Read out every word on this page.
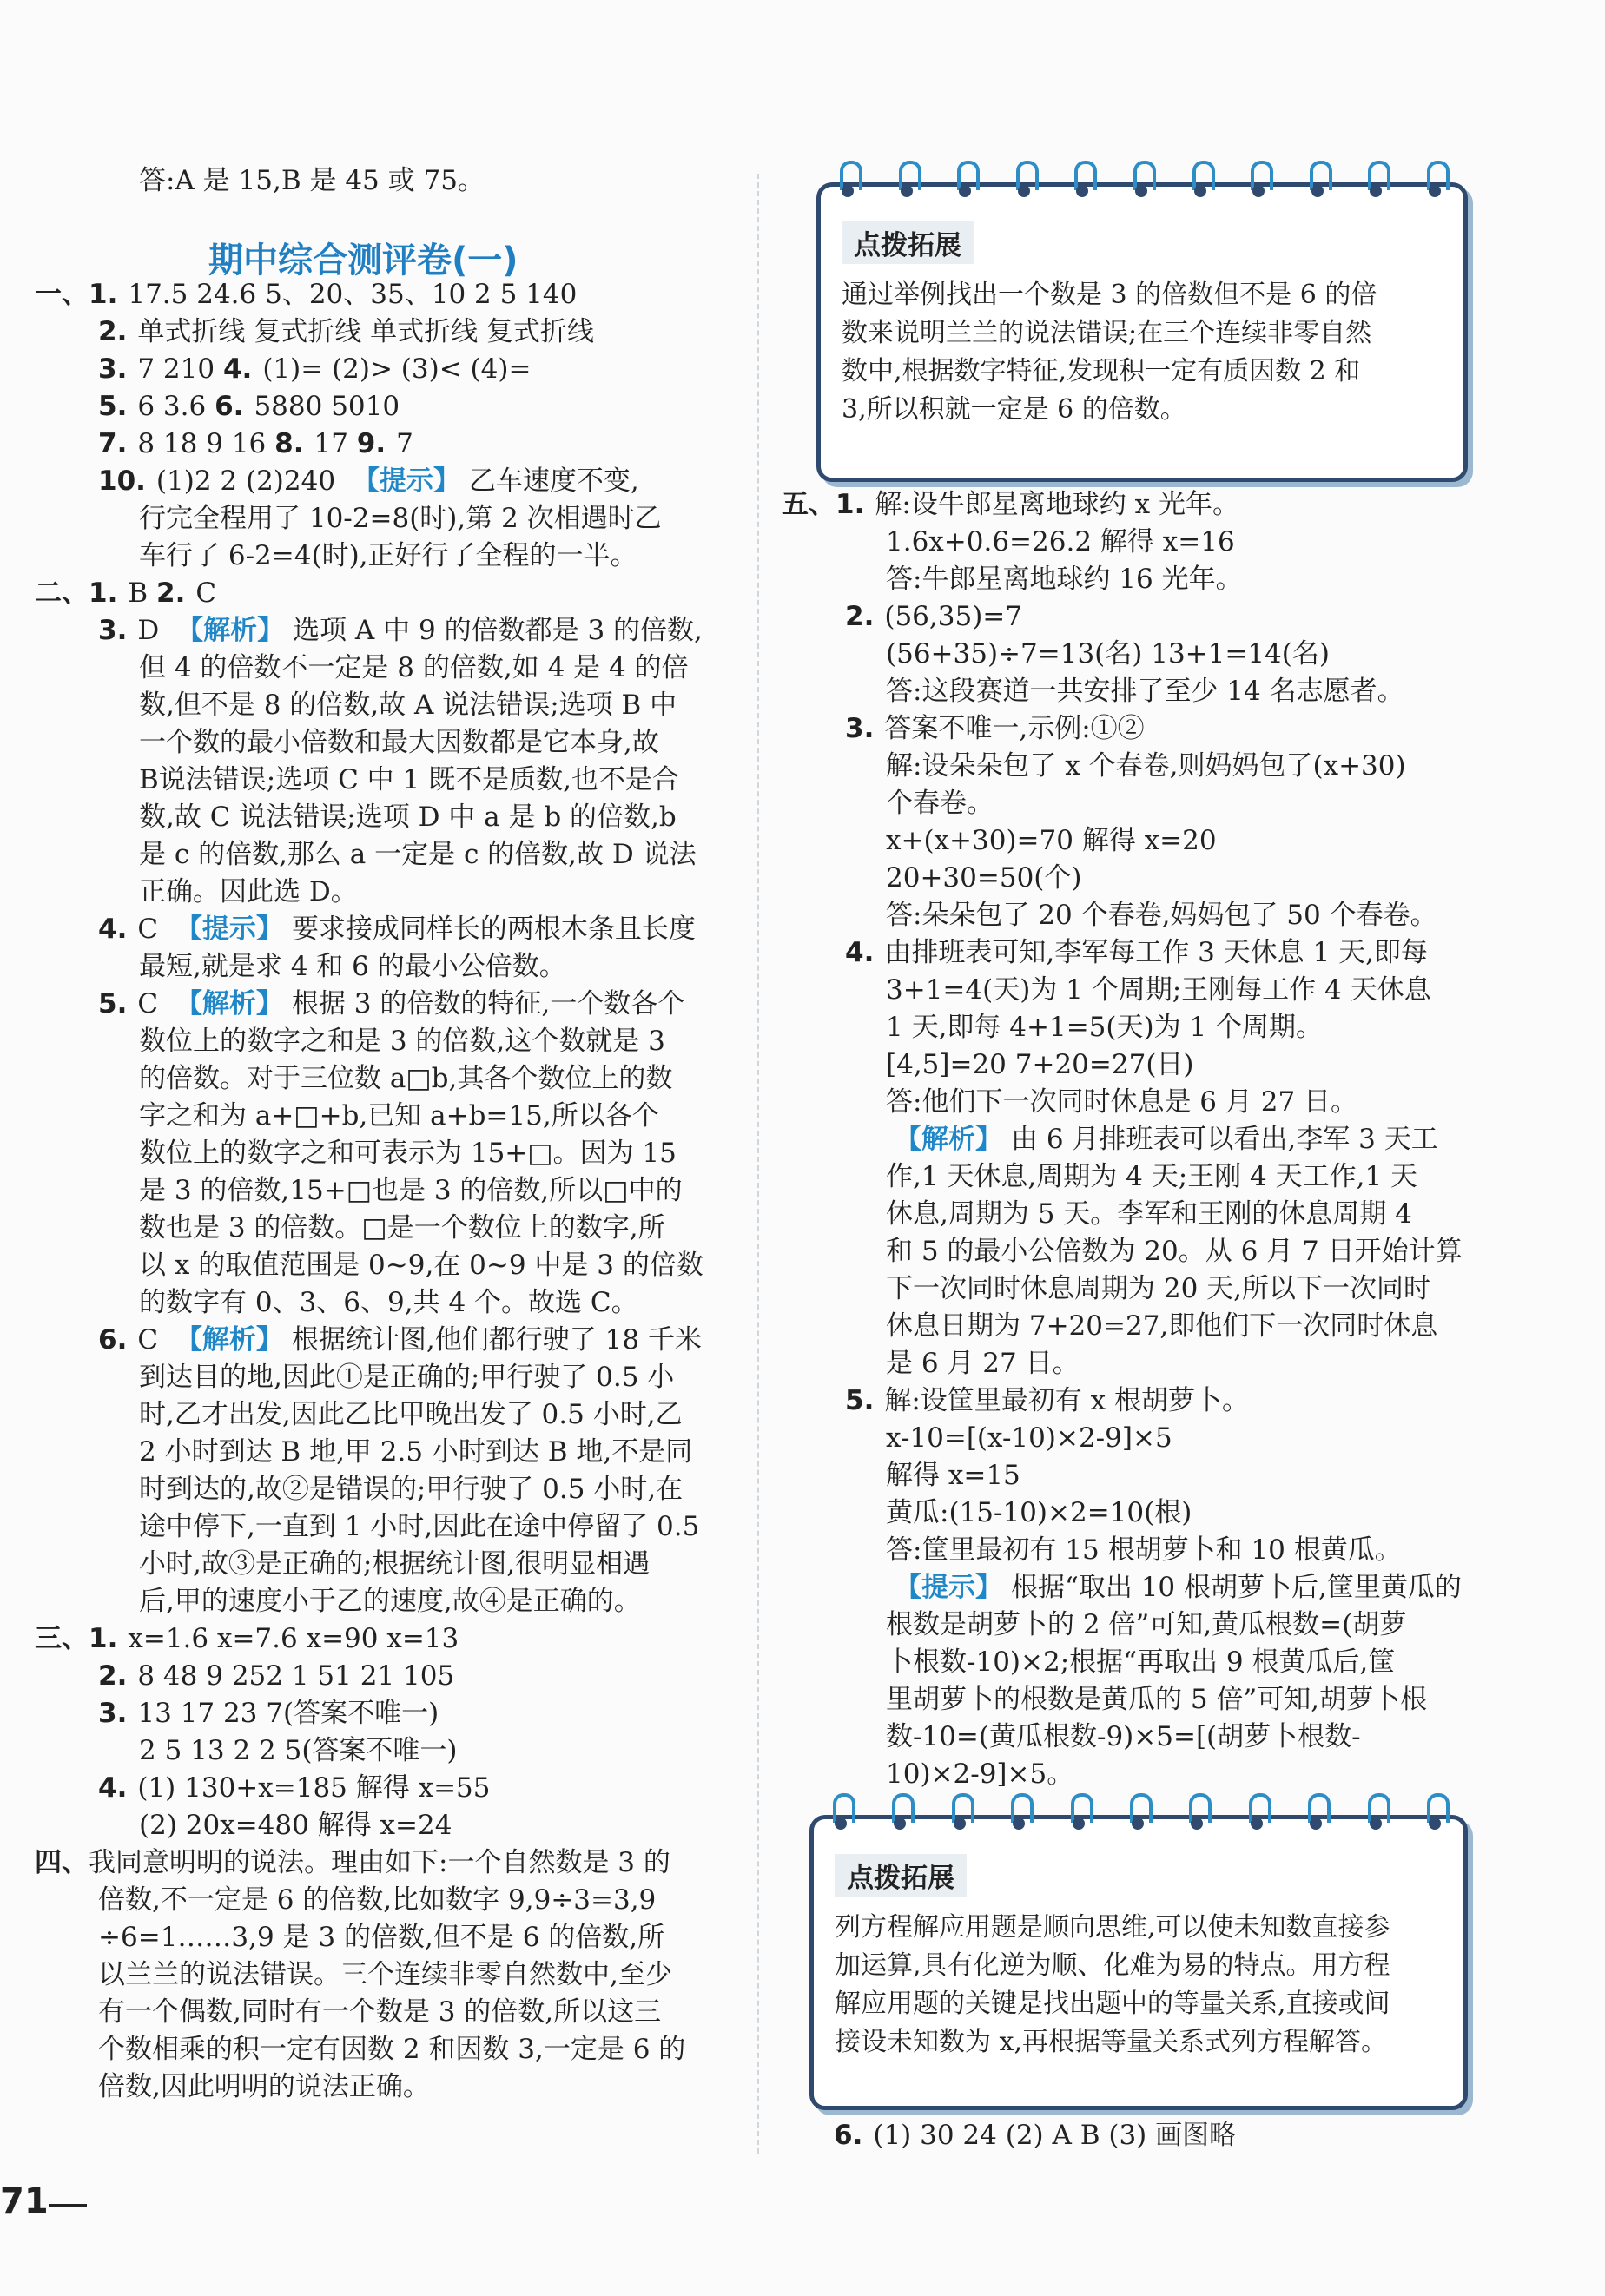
答:A 是 15,B 是 45 或 75。
期中综合测评卷(一)
一、1. 17.5 24.6 5、20、35、10 2 5 140
2. 单式折线 复式折线 单式折线 复式折线
3. 7 210 4. (1)= (2)> (3)< (4)=
5. 6 3.6 6. 5880 5010
7. 8 18 9 16 8. 17 9. 7
10. (1)2 2 (2)240 【提示】 乙车速度不变,
行完全程用了 10-2=8(时),第 2 次相遇时乙
车行了 6-2=4(时),正好行了全程的一半。
二、1. B 2. C
3. D 【解析】 选项 A 中 9 的倍数都是 3 的倍数,
但 4 的倍数不一定是 8 的倍数,如 4 是 4 的倍
数,但不是 8 的倍数,故 A 说法错误;选项 B 中
一个数的最小倍数和最大因数都是它本身,故
B说法错误;选项 C 中 1 既不是质数,也不是合
数,故 C 说法错误;选项 D 中 a 是 b 的倍数,b
是 c 的倍数,那么 a 一定是 c 的倍数,故 D 说法
正确。因此选 D。
4. C 【提示】 要求接成同样长的两根木条且长度
最短,就是求 4 和 6 的最小公倍数。
5. C 【解析】 根据 3 的倍数的特征,一个数各个
数位上的数字之和是 3 的倍数,这个数就是 3
的倍数。对于三位数 a□b,其各个数位上的数
字之和为 a+□+b,已知 a+b=15,所以各个
数位上的数字之和可表示为 15+□。因为 15
是 3 的倍数,15+□也是 3 的倍数,所以□中的
数也是 3 的倍数。□是一个数位上的数字,所
以 x 的取值范围是 0~9,在 0~9 中是 3 的倍数
的数字有 0、3、6、9,共 4 个。故选 C。
6. C 【解析】 根据统计图,他们都行驶了 18 千米
到达目的地,因此①是正确的;甲行驶了 0.5 小
时,乙才出发,因此乙比甲晚出发了 0.5 小时,乙
2 小时到达 B 地,甲 2.5 小时到达 B 地,不是同
时到达的,故②是错误的;甲行驶了 0.5 小时,在
途中停下,一直到 1 小时,因此在途中停留了 0.5
小时,故③是正确的;根据统计图,很明显相遇
后,甲的速度小于乙的速度,故④是正确的。
三、1. x=1.6 x=7.6 x=90 x=13
2. 8 48 9 252 1 51 21 105
3. 13 17 23 7(答案不唯一)
2 5 13 2 2 5(答案不唯一)
4. (1) 130+x=185 解得 x=55
(2) 20x=480 解得 x=24
四、我同意明明的说法。理由如下:一个自然数是 3 的
倍数,不一定是 6 的倍数,比如数字 9,9÷3=3,9
÷6=1……3,9 是 3 的倍数,但不是 6 的倍数,所
以兰兰的说法错误。三个连续非零自然数中,至少
有一个偶数,同时有一个数是 3 的倍数,所以这三
个数相乘的积一定有因数 2 和因数 3,一定是 6 的
倍数,因此明明的说法正确。
点拨拓展
通过举例找出一个数是 3 的倍数但不是 6 的倍
数来说明兰兰的说法错误;在三个连续非零自然
数中,根据数字特征,发现积一定有质因数 2 和
3,所以积就一定是 6 的倍数。
五、1. 解:设牛郎星离地球约 x 光年。
1.6x+0.6=26.2 解得 x=16
答:牛郎星离地球约 16 光年。
2. (56,35)=7
(56+35)÷7=13(名) 13+1=14(名)
答:这段赛道一共安排了至少 14 名志愿者。
3. 答案不唯一,示例:①②
解:设朵朵包了 x 个春卷,则妈妈包了(x+30)
个春卷。
x+(x+30)=70 解得 x=20
20+30=50(个)
答:朵朵包了 20 个春卷,妈妈包了 50 个春卷。
4. 由排班表可知,李军每工作 3 天休息 1 天,即每
3+1=4(天)为 1 个周期;王刚每工作 4 天休息
1 天,即每 4+1=5(天)为 1 个周期。
[4,5]=20 7+20=27(日)
答:他们下一次同时休息是 6 月 27 日。
【解析】 由 6 月排班表可以看出,李军 3 天工
作,1 天休息,周期为 4 天;王刚 4 天工作,1 天
休息,周期为 5 天。李军和王刚的休息周期 4
和 5 的最小公倍数为 20。从 6 月 7 日开始计算
下一次同时休息周期为 20 天,所以下一次同时
休息日期为 7+20=27,即他们下一次同时休息
是 6 月 27 日。
5. 解:设筐里最初有 x 根胡萝卜。
x-10=[(x-10)×2-9]×5
解得 x=15
黄瓜:(15-10)×2=10(根)
答:筐里最初有 15 根胡萝卜和 10 根黄瓜。
【提示】 根据“取出 10 根胡萝卜后,筐里黄瓜的
根数是胡萝卜的 2 倍”可知,黄瓜根数=(胡萝
卜根数-10)×2;根据“再取出 9 根黄瓜后,筐
里胡萝卜的根数是黄瓜的 5 倍”可知,胡萝卜根
数-10=(黄瓜根数-9)×5=[(胡萝卜根数-
10)×2-9]×5。
点拨拓展
列方程解应用题是顺向思维,可以使未知数直接参
加运算,具有化逆为顺、化难为易的特点。用方程
解应用题的关键是找出题中的等量关系,直接或间
接设未知数为 x,再根据等量关系式列方程解答。
6. (1) 30 24 (2) A B (3) 画图略
71
